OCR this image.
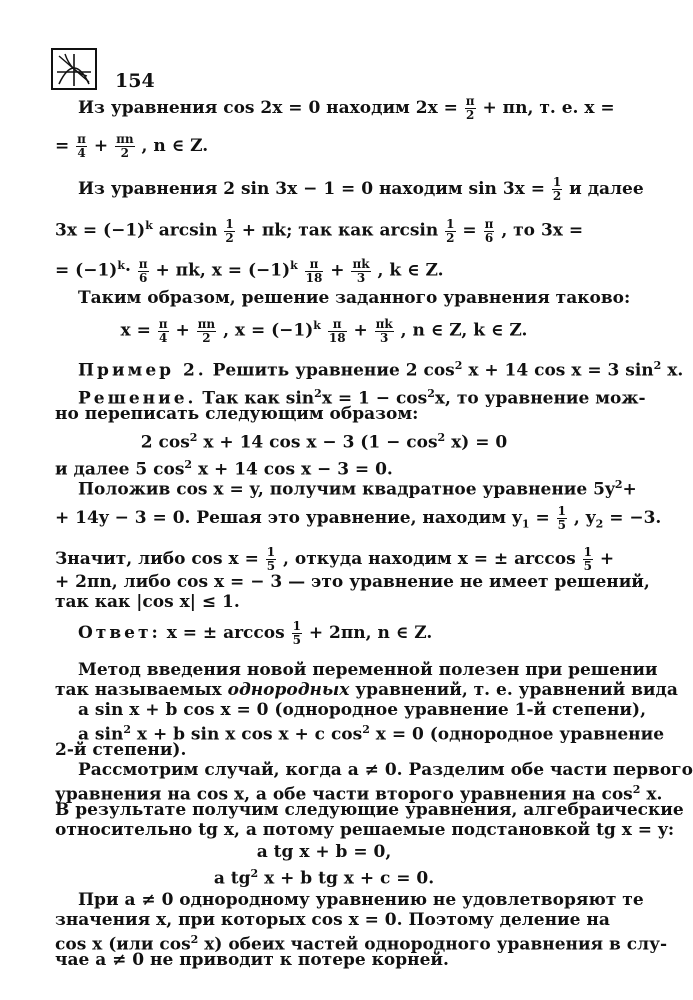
154
Из уравнения cos 2x = 0 находим $2x = \frac{\pi}{2} + \pi n$, т. е. x =
= $\frac{\pi}{4} + \frac{\pi n}{2}$ , n ∈ Z.
Из уравнения 2 sin 3x − 1 = 0 находим $\sin 3x = \frac{1}{2}$ и далее
$3x = (-1)^k$ $\arcsin \frac{1}{2} + \pi k$; так как $\arcsin \frac{1}{2} = \frac{\pi}{6}$ , то 3x =
= $(-1)^k\cdot \frac{\pi}{6} + \pi k$, $x = (-1)^k \frac{\pi}{18} + \frac{\pi k}{3}$ , k ∈ Z.
Таким образом, решение заданного уравнения таково:
$x = \frac{\pi}{4} + \frac{\pi n}{2}$ , $x = (-1)^k \frac{\pi}{18} + \frac{\pi k}{3}$ , n ∈ Z, k ∈ Z.
Пример 2. Решить уравнение 2 $\cos^2 x + 14$ cos x = 3 $\sin^2 x$.
Решение. Так как $\sin^2x = 1 - \cos^2x$, то уравнение мож-
но переписать следующим образом:
2 $\cos^2 x + 14$ cos x − 3 $(1 - \cos^2 x) = 0$
и далее 5 $\cos^2 x + 14$ cos x − 3 = 0.
Положив cos x = y, получим квадратное уравнение $5y^2+$
+ 14y − 3 = 0. Решая это уравнение, находим $y_1 = \frac{1}{5}$ , $y_2 = -3$.
Значит, либо $\cos x = \frac{1}{5}$ , откуда находим x = ± $\arccos \frac{1}{5}$ +
+ 2πn, либо cos x = − 3 — это уравнение не имеет решений,
так как |cos x| ≤ 1.
Ответ: x = ± $\arccos \frac{1}{5} + 2\pi n$, n ∈ Z.
Метод введения новой переменной полезен при решении
так называемых однородных уравнений, т. е. уравнений вида
a sin x + b cos x = 0 (однородное уравнение 1-й степени),
a $\sin^2 x + b$ sin x cos x + c $\cos^2 x = 0$ (однородное уравнение
2-й степени).
Рассмотрим случай, когда a ≠ 0. Разделим обе части первого
уравнения на cos x, а обе части второго уравнения на $\cos^2 x$.
В результате получим следующие уравнения, алгебраические
относительно tg x, а потому решаемые подстановкой tg x = y:
a tg x + b = 0,
a $tg^2$ x + b tg x + c = 0.
При a ≠ 0 однородному уравнению не удовлетворяют те
значения x, при которых cos x = 0. Поэтому деление на
cos x (или $\cos^2 x$) обеих частей однородного уравнения в слу-
чае a ≠ 0 не приводит к потере корней.
